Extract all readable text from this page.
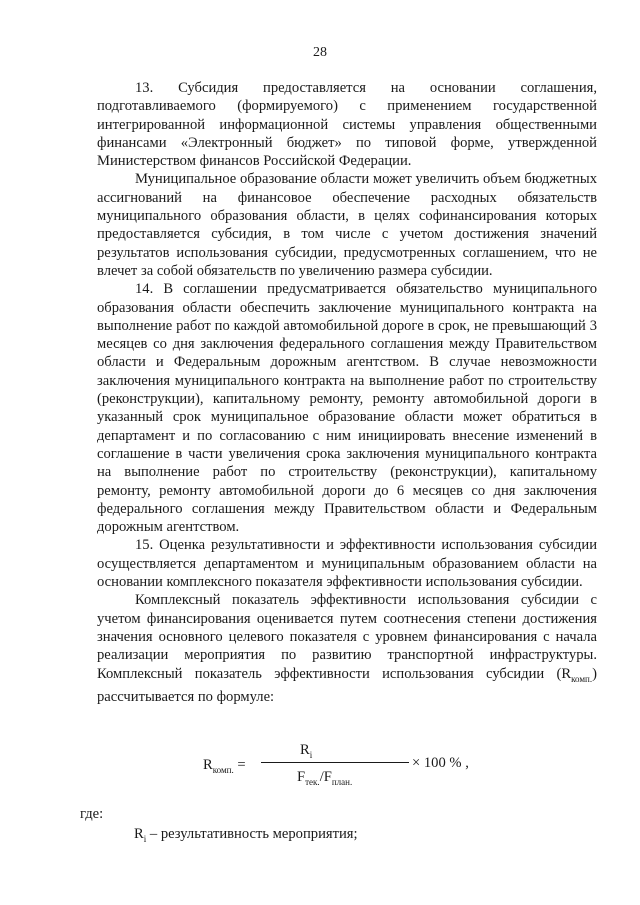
28

13. Субсидия предоставляется на основании соглашения, подготавливаемого (формируемого) с применением государственной интегрированной информационной системы управления общественными финансами «Электронный бюджет» по типовой форме, утвержденной Министерством финансов Российской Федерации.

Муниципальное образование области может увеличить объем бюджетных ассигнований на финансовое обеспечение расходных обязательств муниципального образования области, в целях софинансирования которых предоставляется субсидия, в том числе с учетом достижения значений результатов использования субсидии, предусмотренных соглашением, что не влечет за собой обязательств по увеличению размера субсидии.

14. В соглашении предусматривается обязательство муниципального образования области обеспечить заключение муниципального контракта на выполнение работ по каждой автомобильной дороге в срок, не превышающий 3 месяцев со дня заключения федерального соглашения между Правительством области и Федеральным дорожным агентством. В случае невозможности заключения муниципального контракта на выполнение работ по строительству (реконструкции), капитальному ремонту, ремонту автомобильной дороги в указанный срок муниципальное образование области может обратиться в департамент и по согласованию с ним инициировать внесение изменений в соглашение в части увеличения срока заключения муниципального контракта на выполнение работ по строительству (реконструкции), капитальному ремонту, ремонту автомобильной дороги до 6 месяцев со дня заключения федерального соглашения между Правительством области и Федеральным дорожным агентством.

15. Оценка результативности и эффективности использования субсидии осуществляется департаментом и муниципальным образованием области на основании комплексного показателя эффективности использования субсидии.

Комплексный показатель эффективности использования субсидии с учетом финансирования оценивается путем соотнесения степени достижения значения основного целевого показателя с уровнем финансирования с начала реализации мероприятия по развитию транспортной инфраструктуры. Комплексный показатель эффективности использования субсидии $(R_{комп.})$ рассчитывается по формуле:

$R_{комп.}$ =
$R_i$
$F_{тек.}/F_{план.}$
× 100 % ,
где:
$R_i$ – результативность мероприятия;
